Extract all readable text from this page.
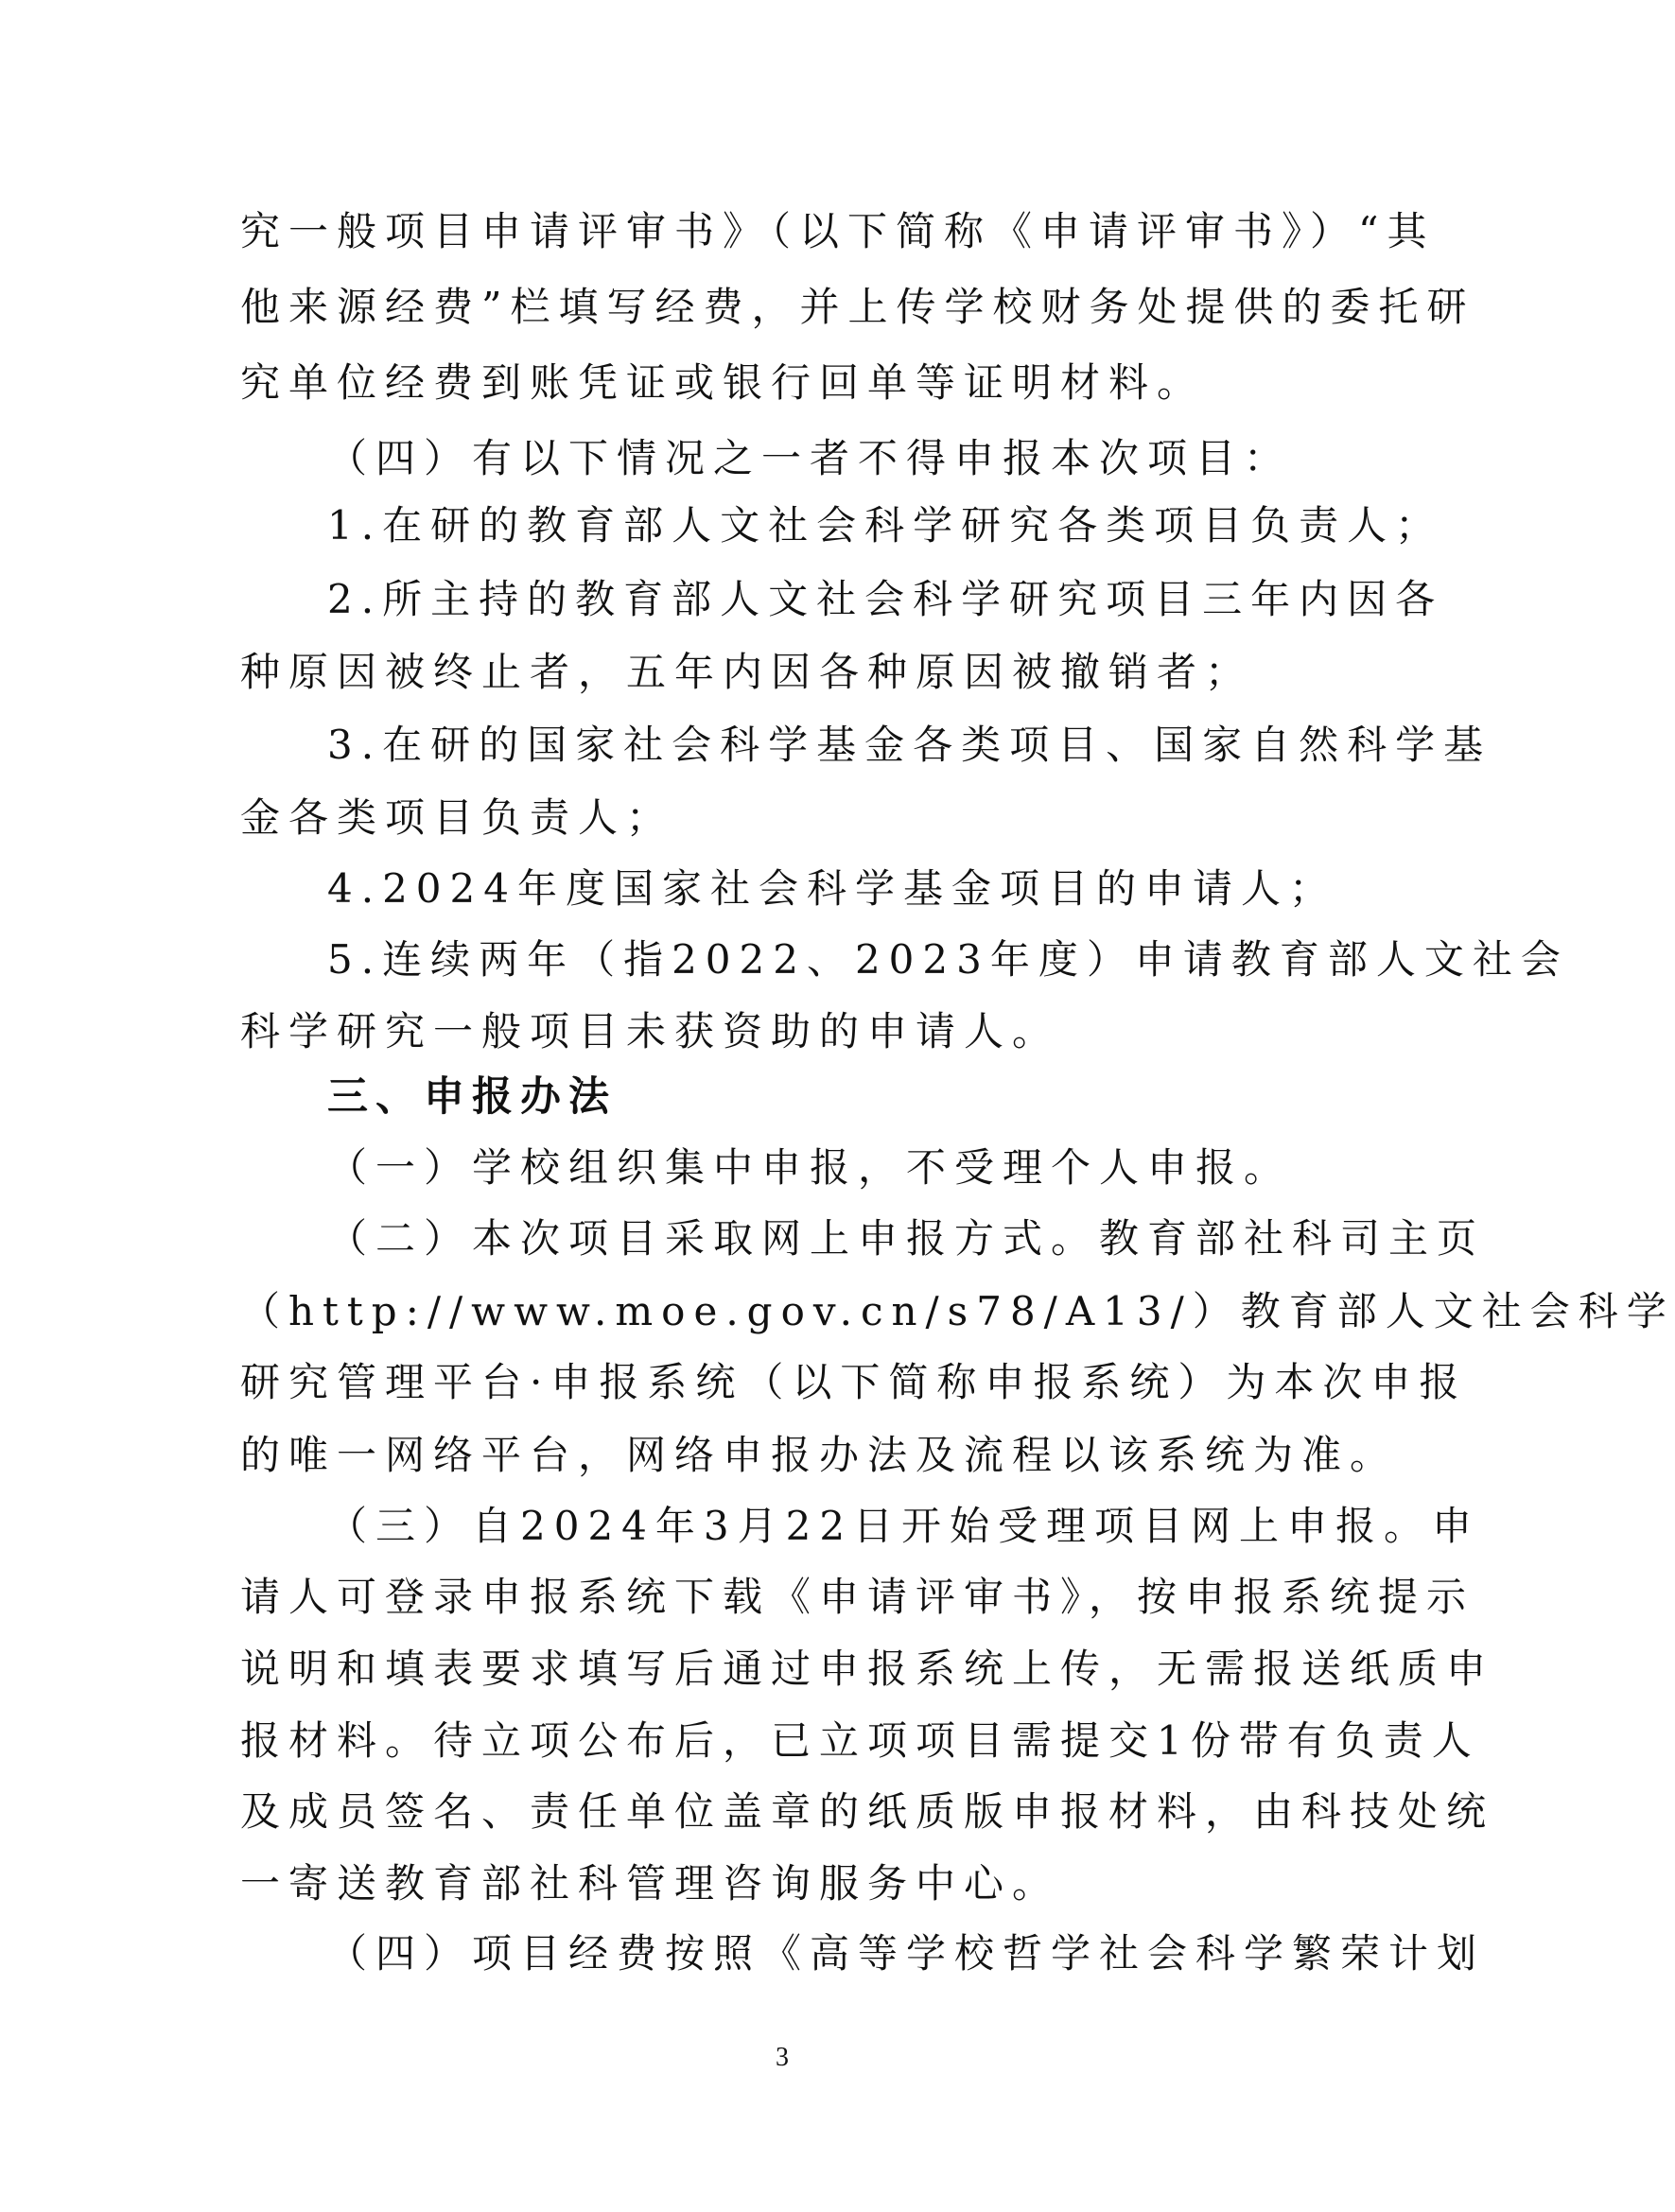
究一般项目申请评审书》（以下简称《申请评审书》）“其
他来源经费”栏填写经费，并上传学校财务处提供的委托研
究单位经费到账凭证或银行回单等证明材料。
（四）有以下情况之一者不得申报本次项目：
1.在研的教育部人文社会科学研究各类项目负责人；
2.所主持的教育部人文社会科学研究项目三年内因各
种原因被终止者，五年内因各种原因被撤销者；
3.在研的国家社会科学基金各类项目、国家自然科学基
金各类项目负责人；
4.2024年度国家社会科学基金项目的申请人；
5.连续两年（指2022、2023年度）申请教育部人文社会
科学研究一般项目未获资助的申请人。
三、申报办法
（一）学校组织集中申报，不受理个人申报。
（二）本次项目采取网上申报方式。教育部社科司主页
（http://www.moe.gov.cn/s78/A13/）教育部人文社会科学
研究管理平台·申报系统（以下简称申报系统）为本次申报
的唯一网络平台，网络申报办法及流程以该系统为准。
（三）自2024年3月22日开始受理项目网上申报。申
请人可登录申报系统下载《申请评审书》，按申报系统提示
说明和填表要求填写后通过申报系统上传，无需报送纸质申
报材料。待立项公布后，已立项项目需提交1份带有负责人
及成员签名、责任单位盖章的纸质版申报材料，由科技处统
一寄送教育部社科管理咨询服务中心。
（四）项目经费按照《高等学校哲学社会科学繁荣计划
3
